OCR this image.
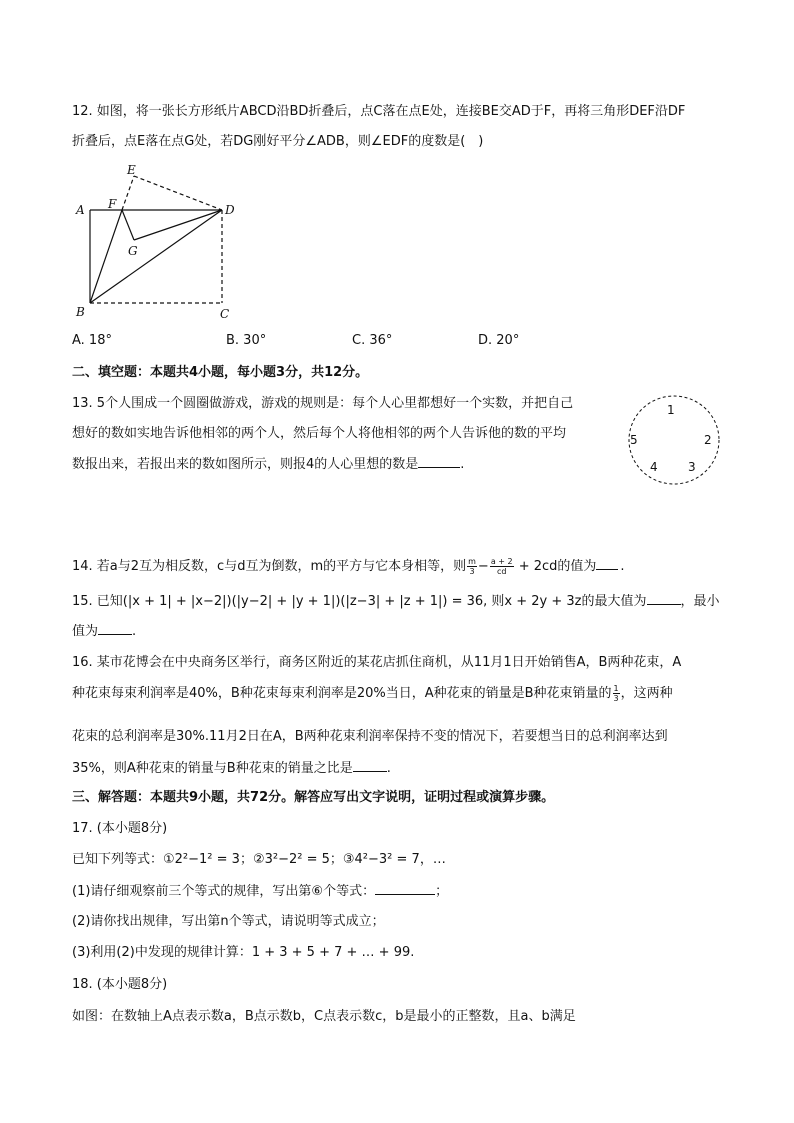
12. 如图，将一张长方形纸片ABCD沿BD折叠后，点C落在点E处，连接BE交AD于F，再将三角形DEF沿DF
折叠后，点E落在点G处，若DG刚好平分∠ADB，则∠EDF的度数是(　)
A
B	C
D
E
F
G
A. 18°	B. 30°	C. 36°	D. 20°
二、填空题：本题共4小题，每小题3分，共12分。
13. 5个人围成一个圆圈做游戏，游戏的规则是：每个人心里都想好一个实数，并把自己
想好的数如实地告诉他相邻的两个人，然后每个人将他相邻的两个人告诉他的数的平均
数报出来，若报出来的数如图所示，则报4的人心里想的数是	.
1
2
3
4
5
14. 若a与2互为相反数，c与d互为倒数，m的平方与它本身相等，则 $\frac{m}{3} - \frac{a + 2}{cd} + 2cd$的值为 .
15. 已知(|x + 1| + |x−2|)(|y−2| + |y + 1|)(|z−3| + |z + 1|) = 36, 则x + 2y + 3z的最大值为	，最小
值为	.
16. 某市花博会在中央商务区举行，商务区附近的某花店抓住商机，从11月1日开始销售A，B两种花束，A
种花束每束利润率是40%，B种花束每束利润率是20%当日，A种花束的销量是B种花束销量的 $\frac{1}{3}$ ，这两种
花束的总利润率是30%.11月2日在A，B两种花束利润率保持不变的情况下，若要想当日的总利润率达到
35%，则A种花束的销量与B种花束的销量之比是	.
三、解答题：本题共9小题，共72分。解答应写出文字说明，证明过程或演算步骤。
17. (本小题8分)
已知下列等式：①2²−1² = 3；②3²−2² = 5；③4²−3² = 7，…
(1)请仔细观察前三个等式的规律，写出第⑥个等式：	；
(2)请你找出规律，写出第n个等式，请说明等式成立；
(3)利用(2)中发现的规律计算：1 + 3 + 5 + 7 + … + 99.
18. (本小题8分)
如图：在数轴上A点表示数a，B点示数b，C点表示数c，b是最小的正整数，且a、b满足
